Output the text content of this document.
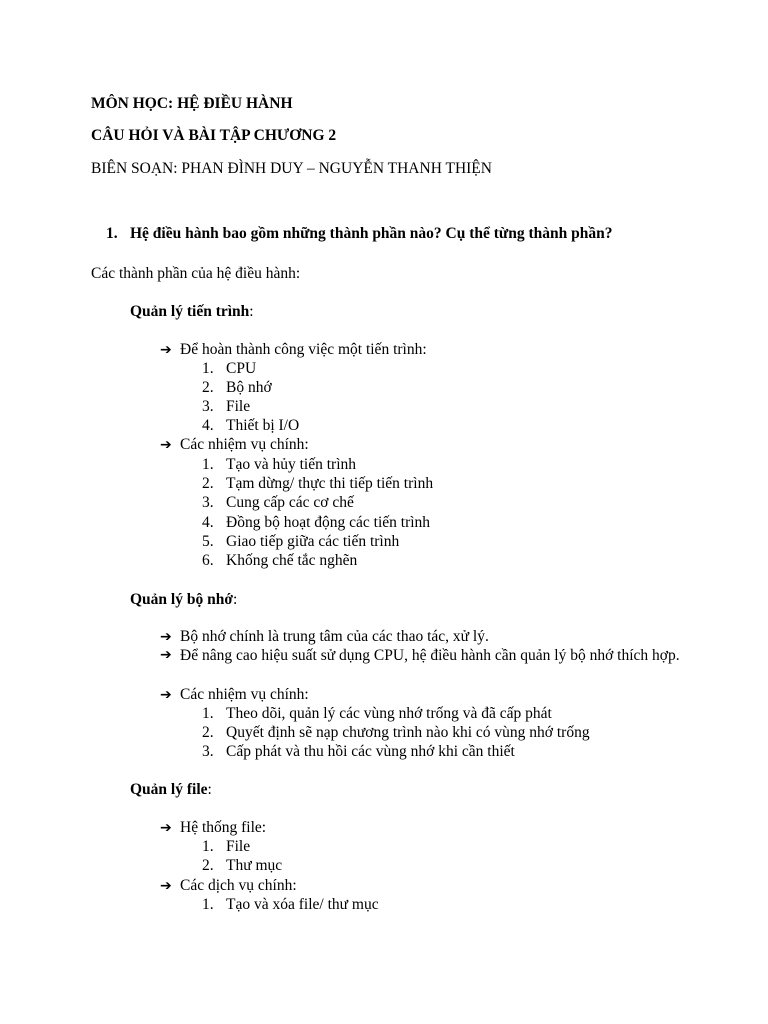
MÔN HỌC: HỆ ĐIỀU HÀNH
CÂU HỎI VÀ BÀI TẬP CHƯƠNG 2
BIÊN SOẠN: PHAN ĐÌNH DUY – NGUYỄN THANH THIỆN
1. Hệ điều hành bao gồm những thành phần nào? Cụ thể từng thành phần?
Các thành phần của hệ điều hành:
Quản lý tiến trình:
➔ Để hoàn thành công việc một tiến trình:
1. CPU
2. Bộ nhớ
3. File
4. Thiết bị I/O
➔ Các nhiệm vụ chính:
1. Tạo và hủy tiến trình
2. Tạm dừng/ thực thi tiếp tiến trình
3. Cung cấp các cơ chế
4. Đồng bộ hoạt động các tiến trình
5. Giao tiếp giữa các tiến trình
6. Khống chế tắc nghẽn
Quản lý bộ nhớ:
➔ Bộ nhớ chính là trung tâm của các thao tác, xử lý.
➔ Để nâng cao hiệu suất sử dụng CPU, hệ điều hành cần quản lý bộ nhớ thích hợp.
➔ Các nhiệm vụ chính:
1. Theo dõi, quản lý các vùng nhớ trống và đã cấp phát
2. Quyết định sẽ nạp chương trình nào khi có vùng nhớ trống
3. Cấp phát và thu hồi các vùng nhớ khi cần thiết
Quản lý file:
➔ Hệ thống file:
1. File
2. Thư mục
➔ Các dịch vụ chính:
1. Tạo và xóa file/ thư mục
